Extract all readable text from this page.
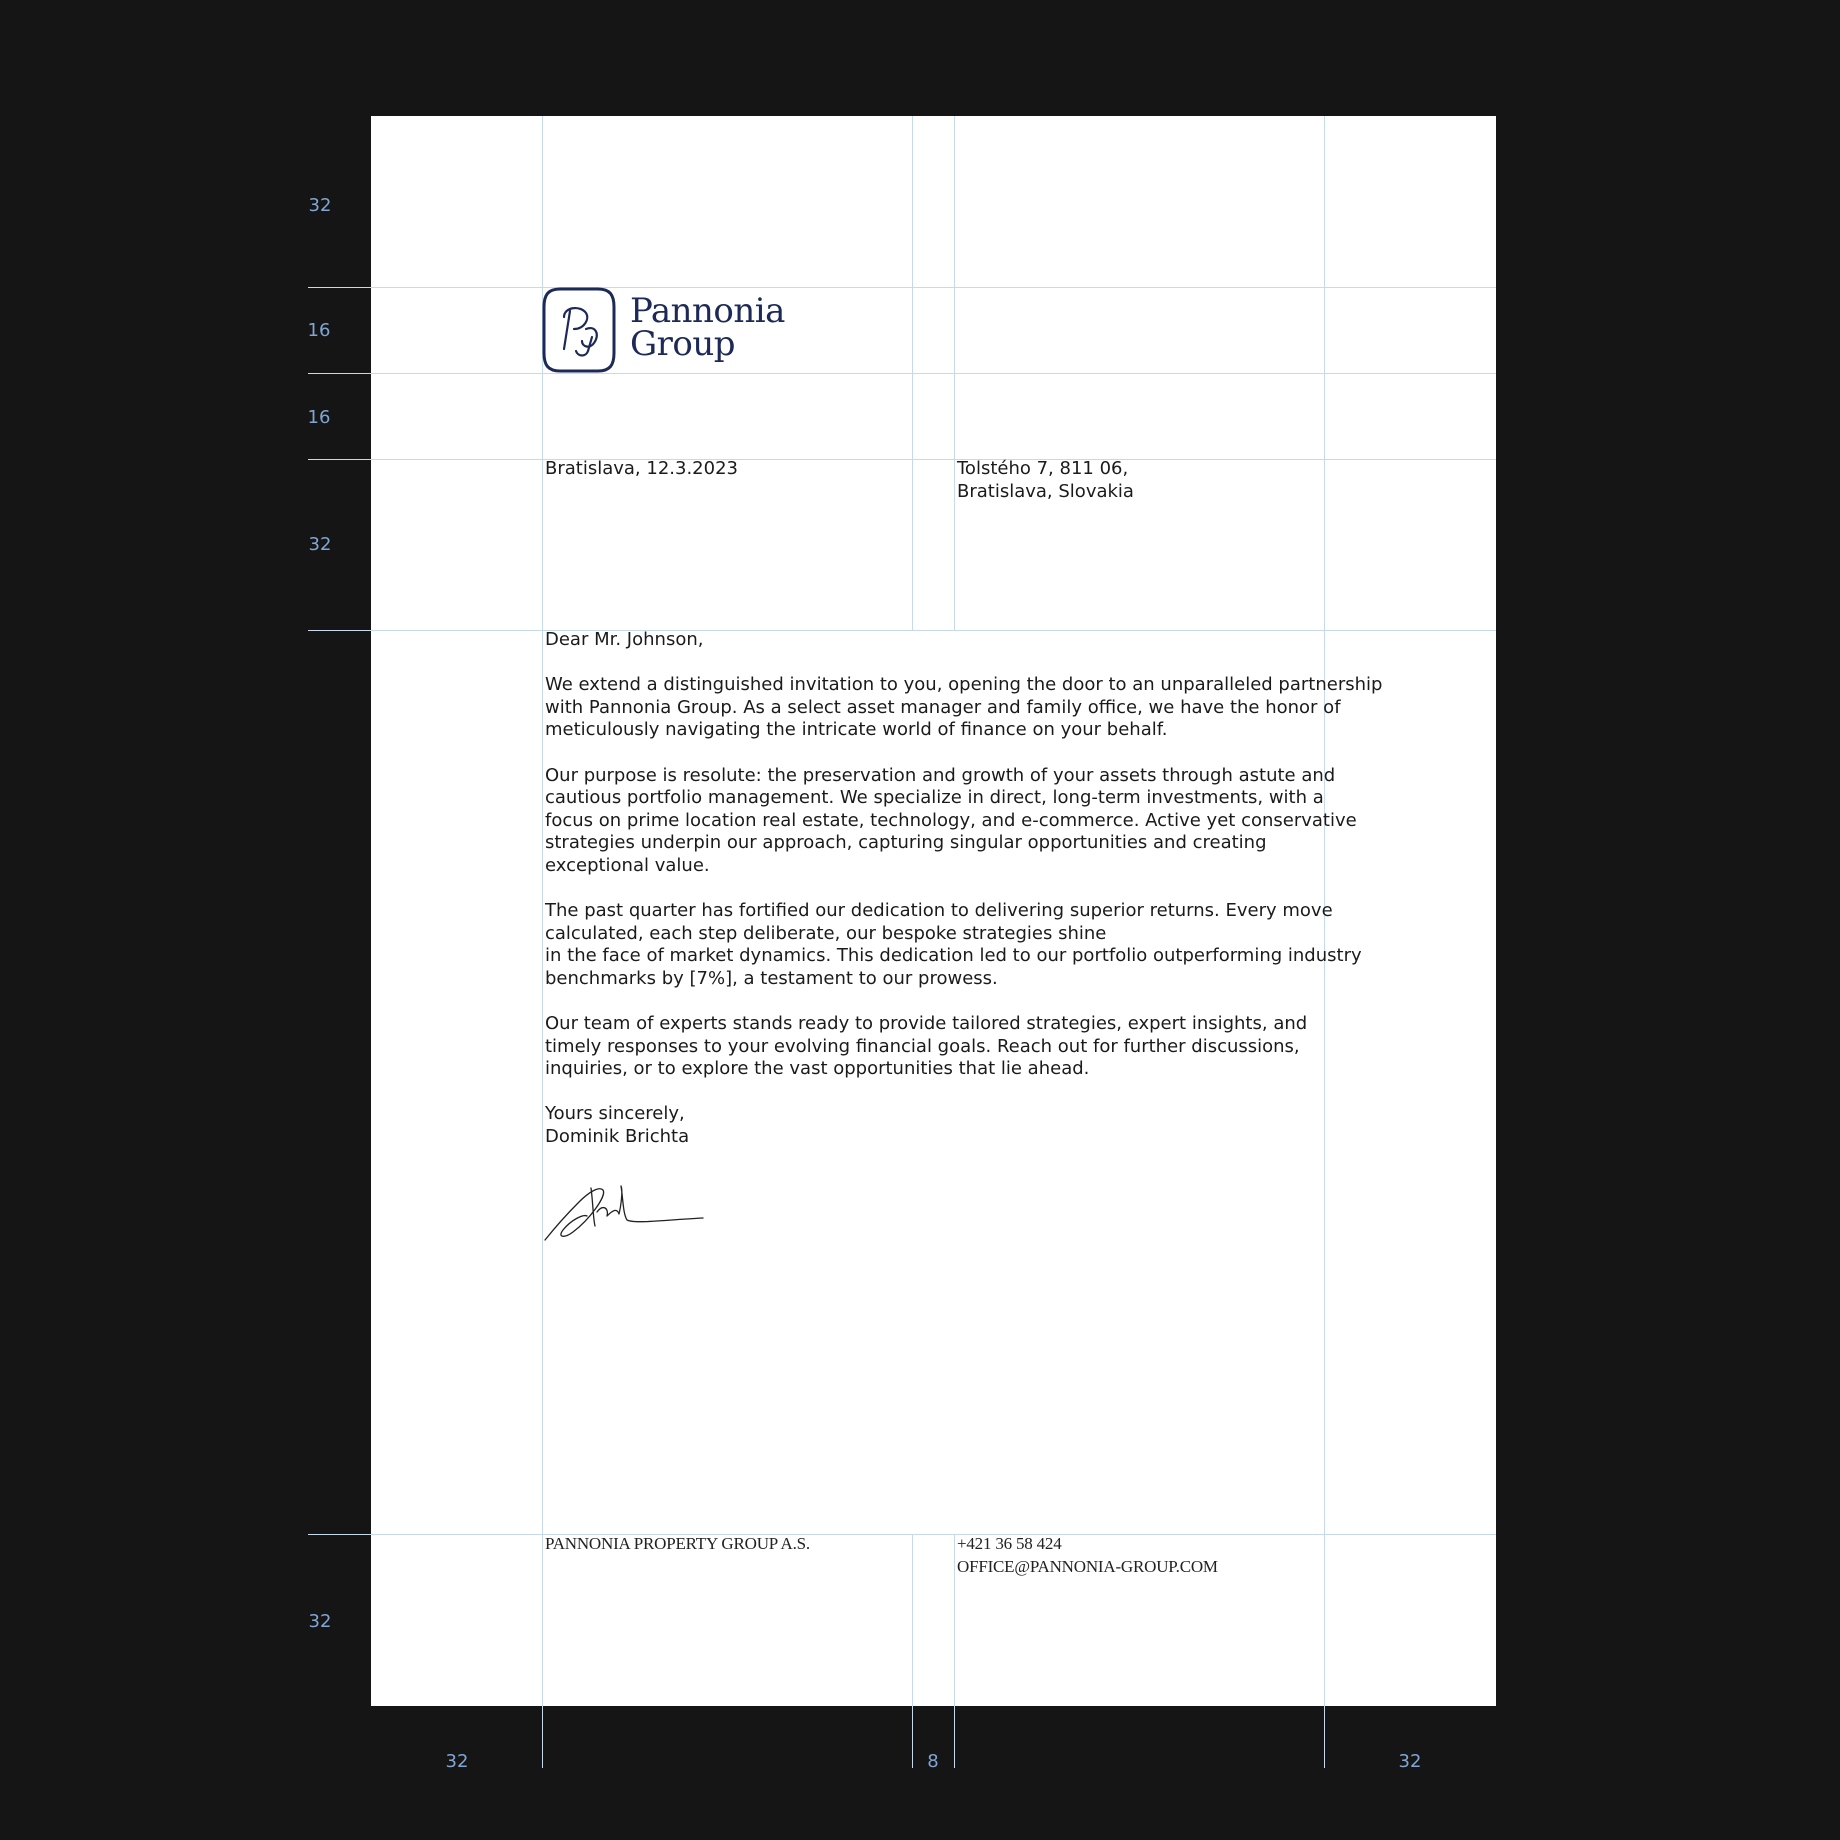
32
16
16
32
32
32	8	32
Pannonia
Group
Bratislava, 12.3.2023	Tolstého 7, 811 06,
Bratislava, Slovakia
Dear Mr. Johnson,
We extend a distinguished invitation to you, opening the door to an unparalleled partnership
with Pannonia Group. As a select asset manager and family office, we have the honor of
meticulously navigating the intricate world of finance on your behalf.
Our purpose is resolute: the preservation and growth of your assets through astute and
cautious portfolio management. We specialize in direct, long-term investments, with a
focus on prime location real estate, technology, and e-commerce. Active yet conservative
strategies underpin our approach, capturing singular opportunities and creating
exceptional value.
The past quarter has fortified our dedication to delivering superior returns. Every move
calculated, each step deliberate, our bespoke strategies shine
in the face of market dynamics. This dedication led to our portfolio outperforming industry
benchmarks by [7%], a testament to our prowess.
Our team of experts stands ready to provide tailored strategies, expert insights, and
timely responses to your evolving financial goals. Reach out for further discussions,
inquiries, or to explore the vast opportunities that lie ahead.
Yours sincerely,
Dominik Brichta
PANNONIA PROPERTY GROUP A.S.	+421 36 58 424
OFFICE@PANNONIA-GROUP.COM
